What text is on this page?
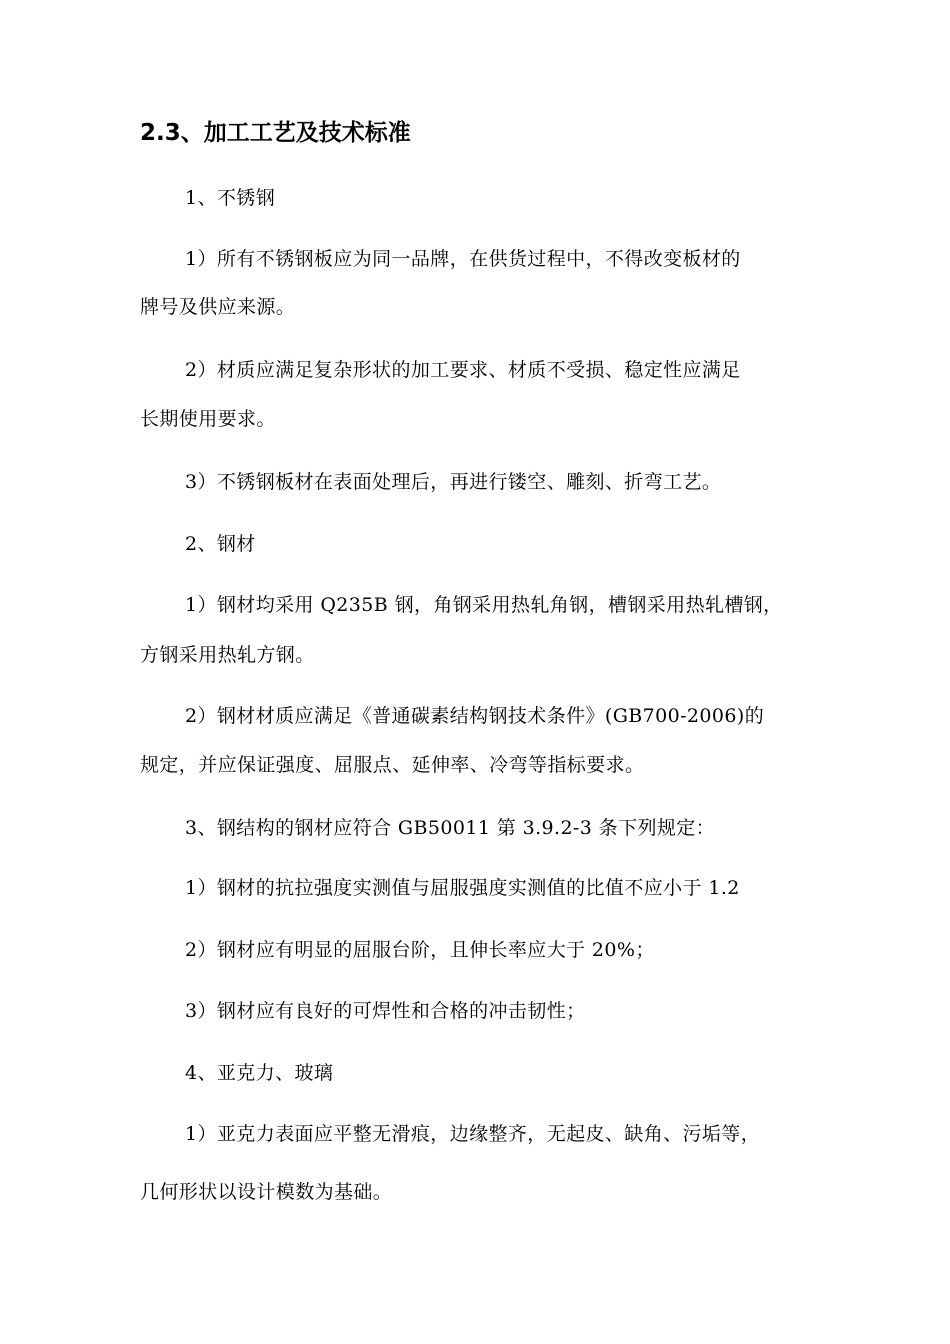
2.3、加工工艺及技术标准
1、不锈钢
1）所有不锈钢板应为同一品牌，在供货过程中，不得改变板材的
牌号及供应来源。
2）材质应满足复杂形状的加工要求、材质不受损、稳定性应满足
长期使用要求。
3）不锈钢板材在表面处理后，再进行镂空、雕刻、折弯工艺。
2、钢材
1）钢材均采用 Q235B 钢，角钢采用热轧角钢，槽钢采用热轧槽钢，
方钢采用热轧方钢。
2）钢材材质应满足《普通碳素结构钢技术条件》(GB700-2006)的
规定，并应保证强度、屈服点、延伸率、冷弯等指标要求。
3、钢结构的钢材应符合 GB50011 第 3.9.2-3 条下列规定：
1）钢材的抗拉强度实测值与屈服强度实测值的比值不应小于 1.2
2）钢材应有明显的屈服台阶，且伸长率应大于 20%；
3）钢材应有良好的可焊性和合格的冲击韧性；
4、亚克力、玻璃
1）亚克力表面应平整无滑痕，边缘整齐，无起皮、缺角、污垢等，
几何形状以设计模数为基础。
